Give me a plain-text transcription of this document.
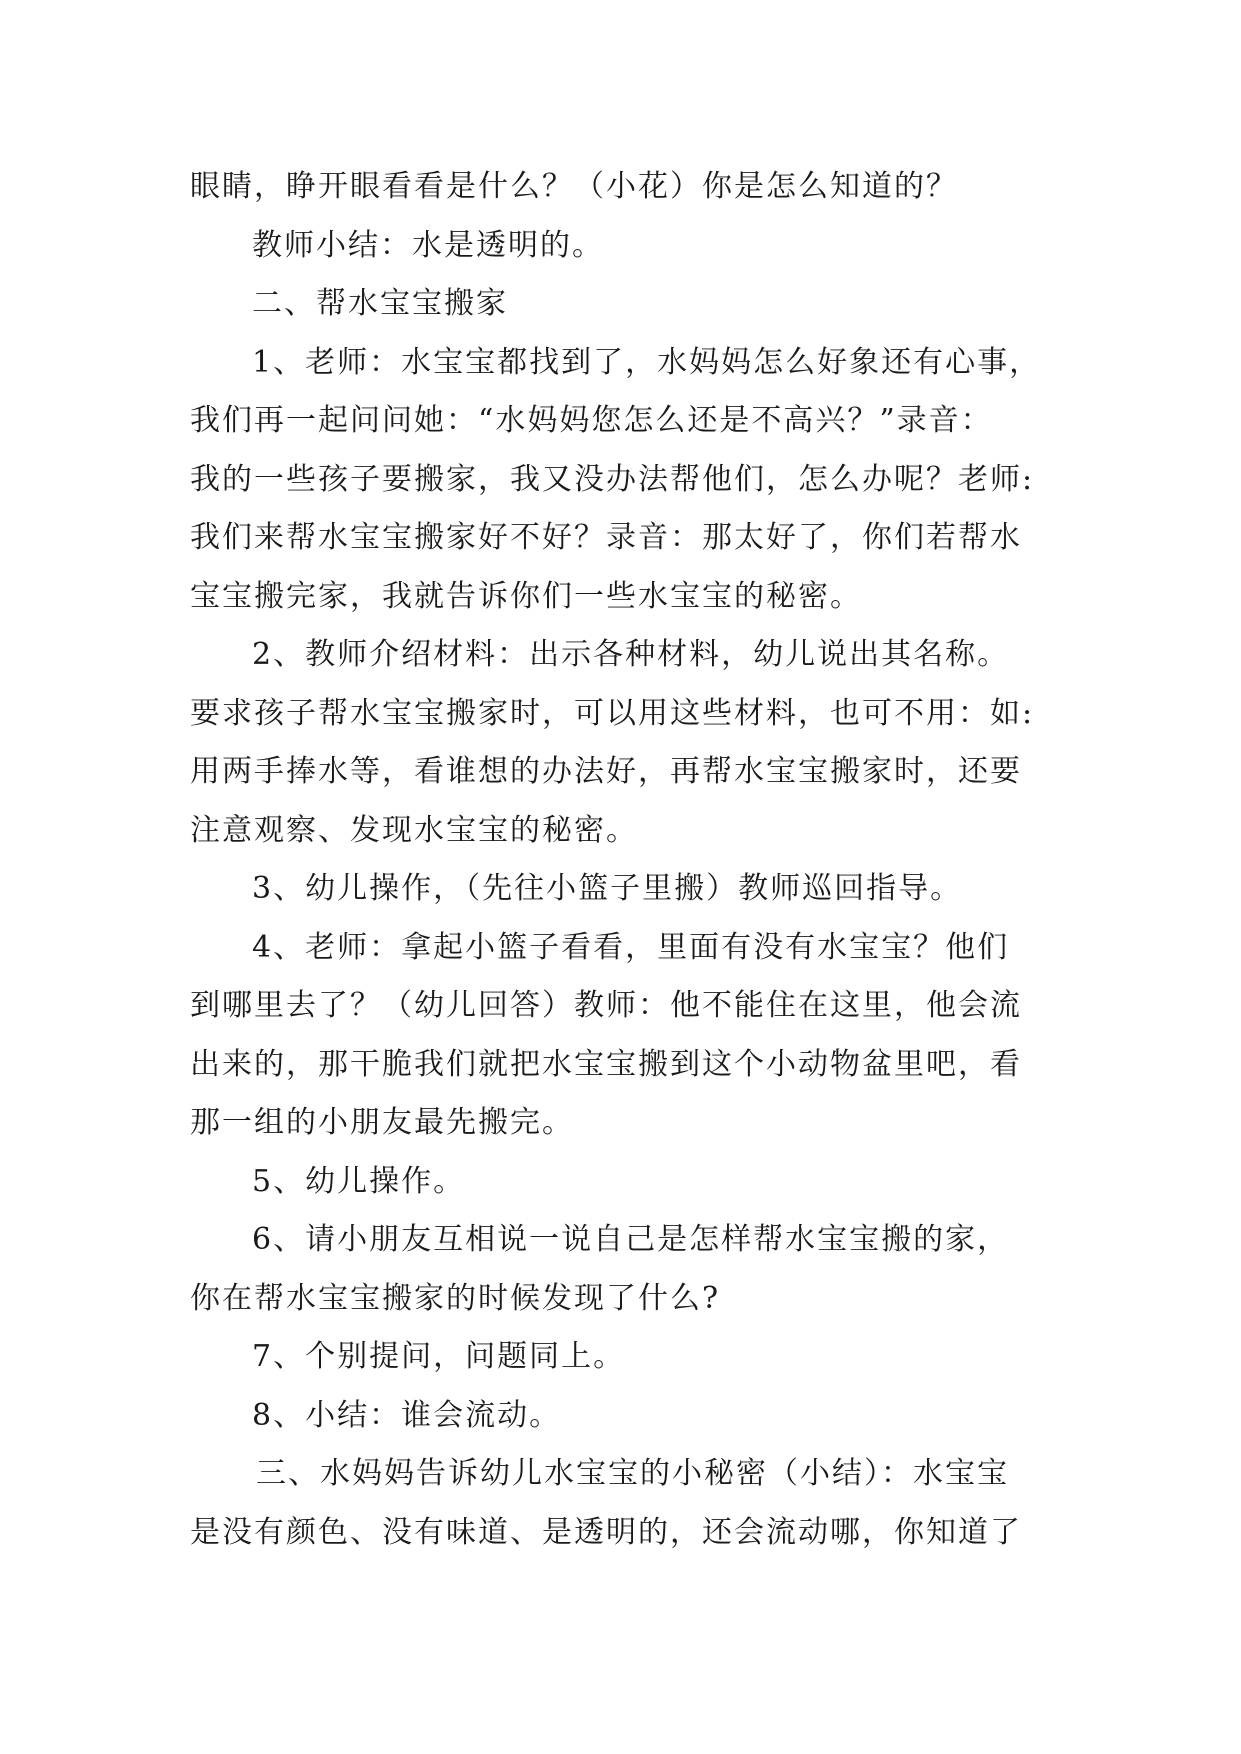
眼睛，睁开眼看看是什么？（小花）你是怎么知道的？
教师小结：水是透明的。
二、帮水宝宝搬家
1、老师：水宝宝都找到了，水妈妈怎么好象还有心事，
我们再一起问问她：“水妈妈您怎么还是不高兴？”录音：
我的一些孩子要搬家，我又没办法帮他们，怎么办呢？老师:
我们来帮水宝宝搬家好不好？录音：那太好了，你们若帮水
宝宝搬完家，我就告诉你们一些水宝宝的秘密。
2、教师介绍材料：出示各种材料，幼儿说出其名称。
要求孩子帮水宝宝搬家时，可以用这些材料，也可不用：如:
用两手捧水等，看谁想的办法好，再帮水宝宝搬家时，还要
注意观察、发现水宝宝的秘密。
3、幼儿操作，（先往小篮子里搬）教师巡回指导。
4、老师：拿起小篮子看看，里面有没有水宝宝？他们
到哪里去了？（幼儿回答）教师：他不能住在这里，他会流
出来的，那干脆我们就把水宝宝搬到这个小动物盆里吧，看
那一组的小朋友最先搬完。
5、幼儿操作。
6、请小朋友互相说一说自己是怎样帮水宝宝搬的家，
你在帮水宝宝搬家的时候发现了什么?
7、个别提问，问题同上。
8、小结：谁会流动。
三、水妈妈告诉幼儿水宝宝的小秘密（小结）：水宝宝
是没有颜色、没有味道、是透明的，还会流动哪，你知道了
